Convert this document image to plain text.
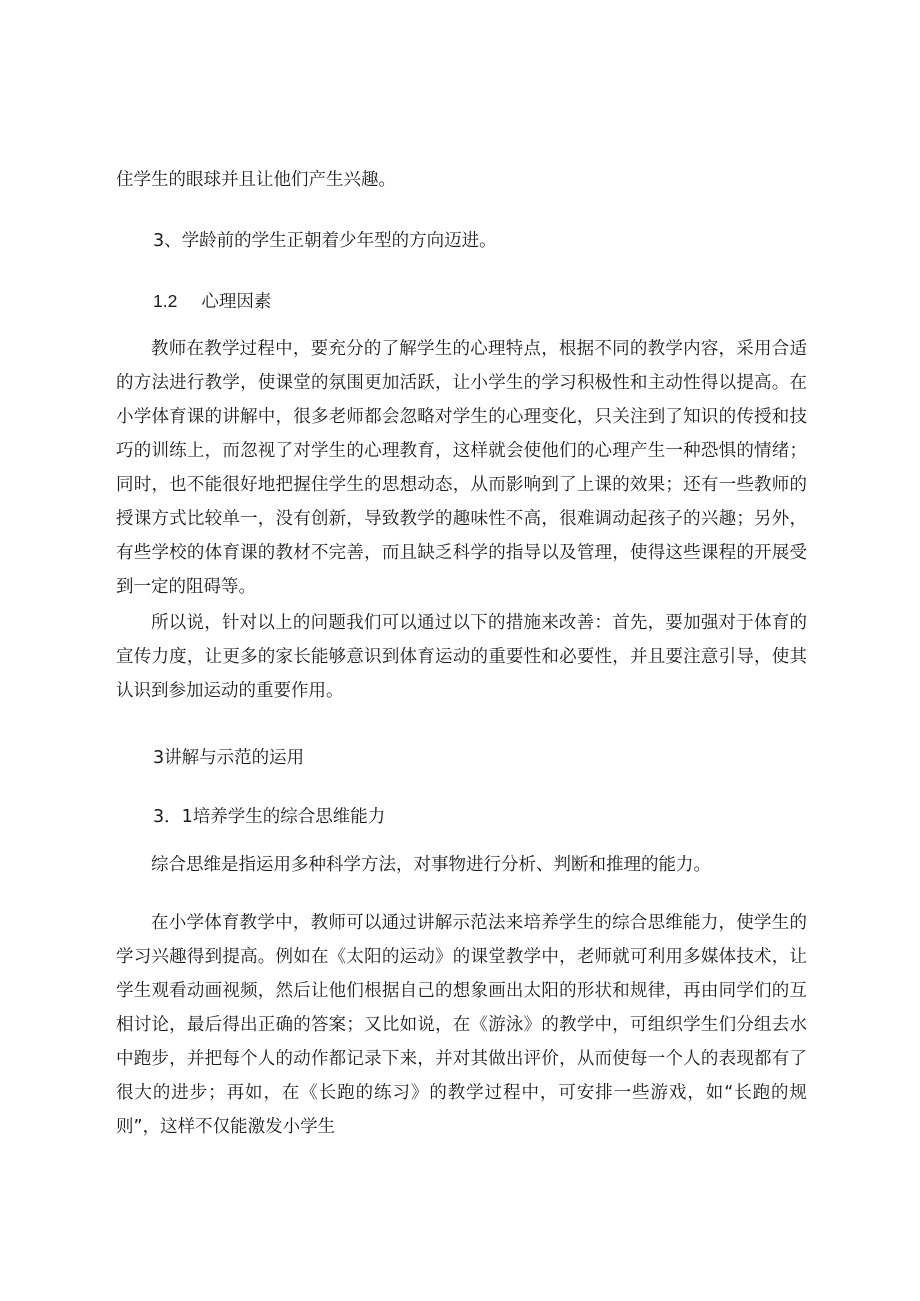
住学生的眼球并且让他们产生兴趣。
3、学龄前的学生正朝着少年型的方向迈进。
1.2 心理因素
教师在教学过程中，要充分的了解学生的心理特点，根据不同的教学内容，采用合适的方法进行教学，使课堂的氛围更加活跃，让小学生的学习积极性和主动性得以提高。在小学体育课的讲解中，很多老师都会忽略对学生的心理变化，只关注到了知识的传授和技巧的训练上，而忽视了对学生的心理教育，这样就会使他们的心理产生一种恐惧的情绪；同时，也不能很好地把握住学生的思想动态，从而影响到了上课的效果；还有一些教师的授课方式比较单一，没有创新，导致教学的趣味性不高，很难调动起孩子的兴趣；另外，有些学校的体育课的教材不完善，而且缺乏科学的指导以及管理，使得这些课程的开展受到一定的阻碍等。
所以说，针对以上的问题我们可以通过以下的措施来改善：首先，要加强对于体育的宣传力度，让更多的家长能够意识到体育运动的重要性和必要性，并且要注意引导，使其认识到参加运动的重要作用。
3讲解与示范的运用
3．1培养学生的综合思维能力
综合思维是指运用多种科学方法，对事物进行分析、判断和推理的能力。
在小学体育教学中，教师可以通过讲解示范法来培养学生的综合思维能力，使学生的学习兴趣得到提高。例如在《太阳的运动》的课堂教学中，老师就可利用多媒体技术，让学生观看动画视频，然后让他们根据自己的想象画出太阳的形状和规律，再由同学们的互相讨论，最后得出正确的答案；又比如说，在《游泳》的教学中，可组织学生们分组去水中跑步，并把每个人的动作都记录下来，并对其做出评价，从而使每一个人的表现都有了很大的进步；再如，在《长跑的练习》的教学过程中，可安排一些游戏，如“长跑的规则”，这样不仅能激发小学生
